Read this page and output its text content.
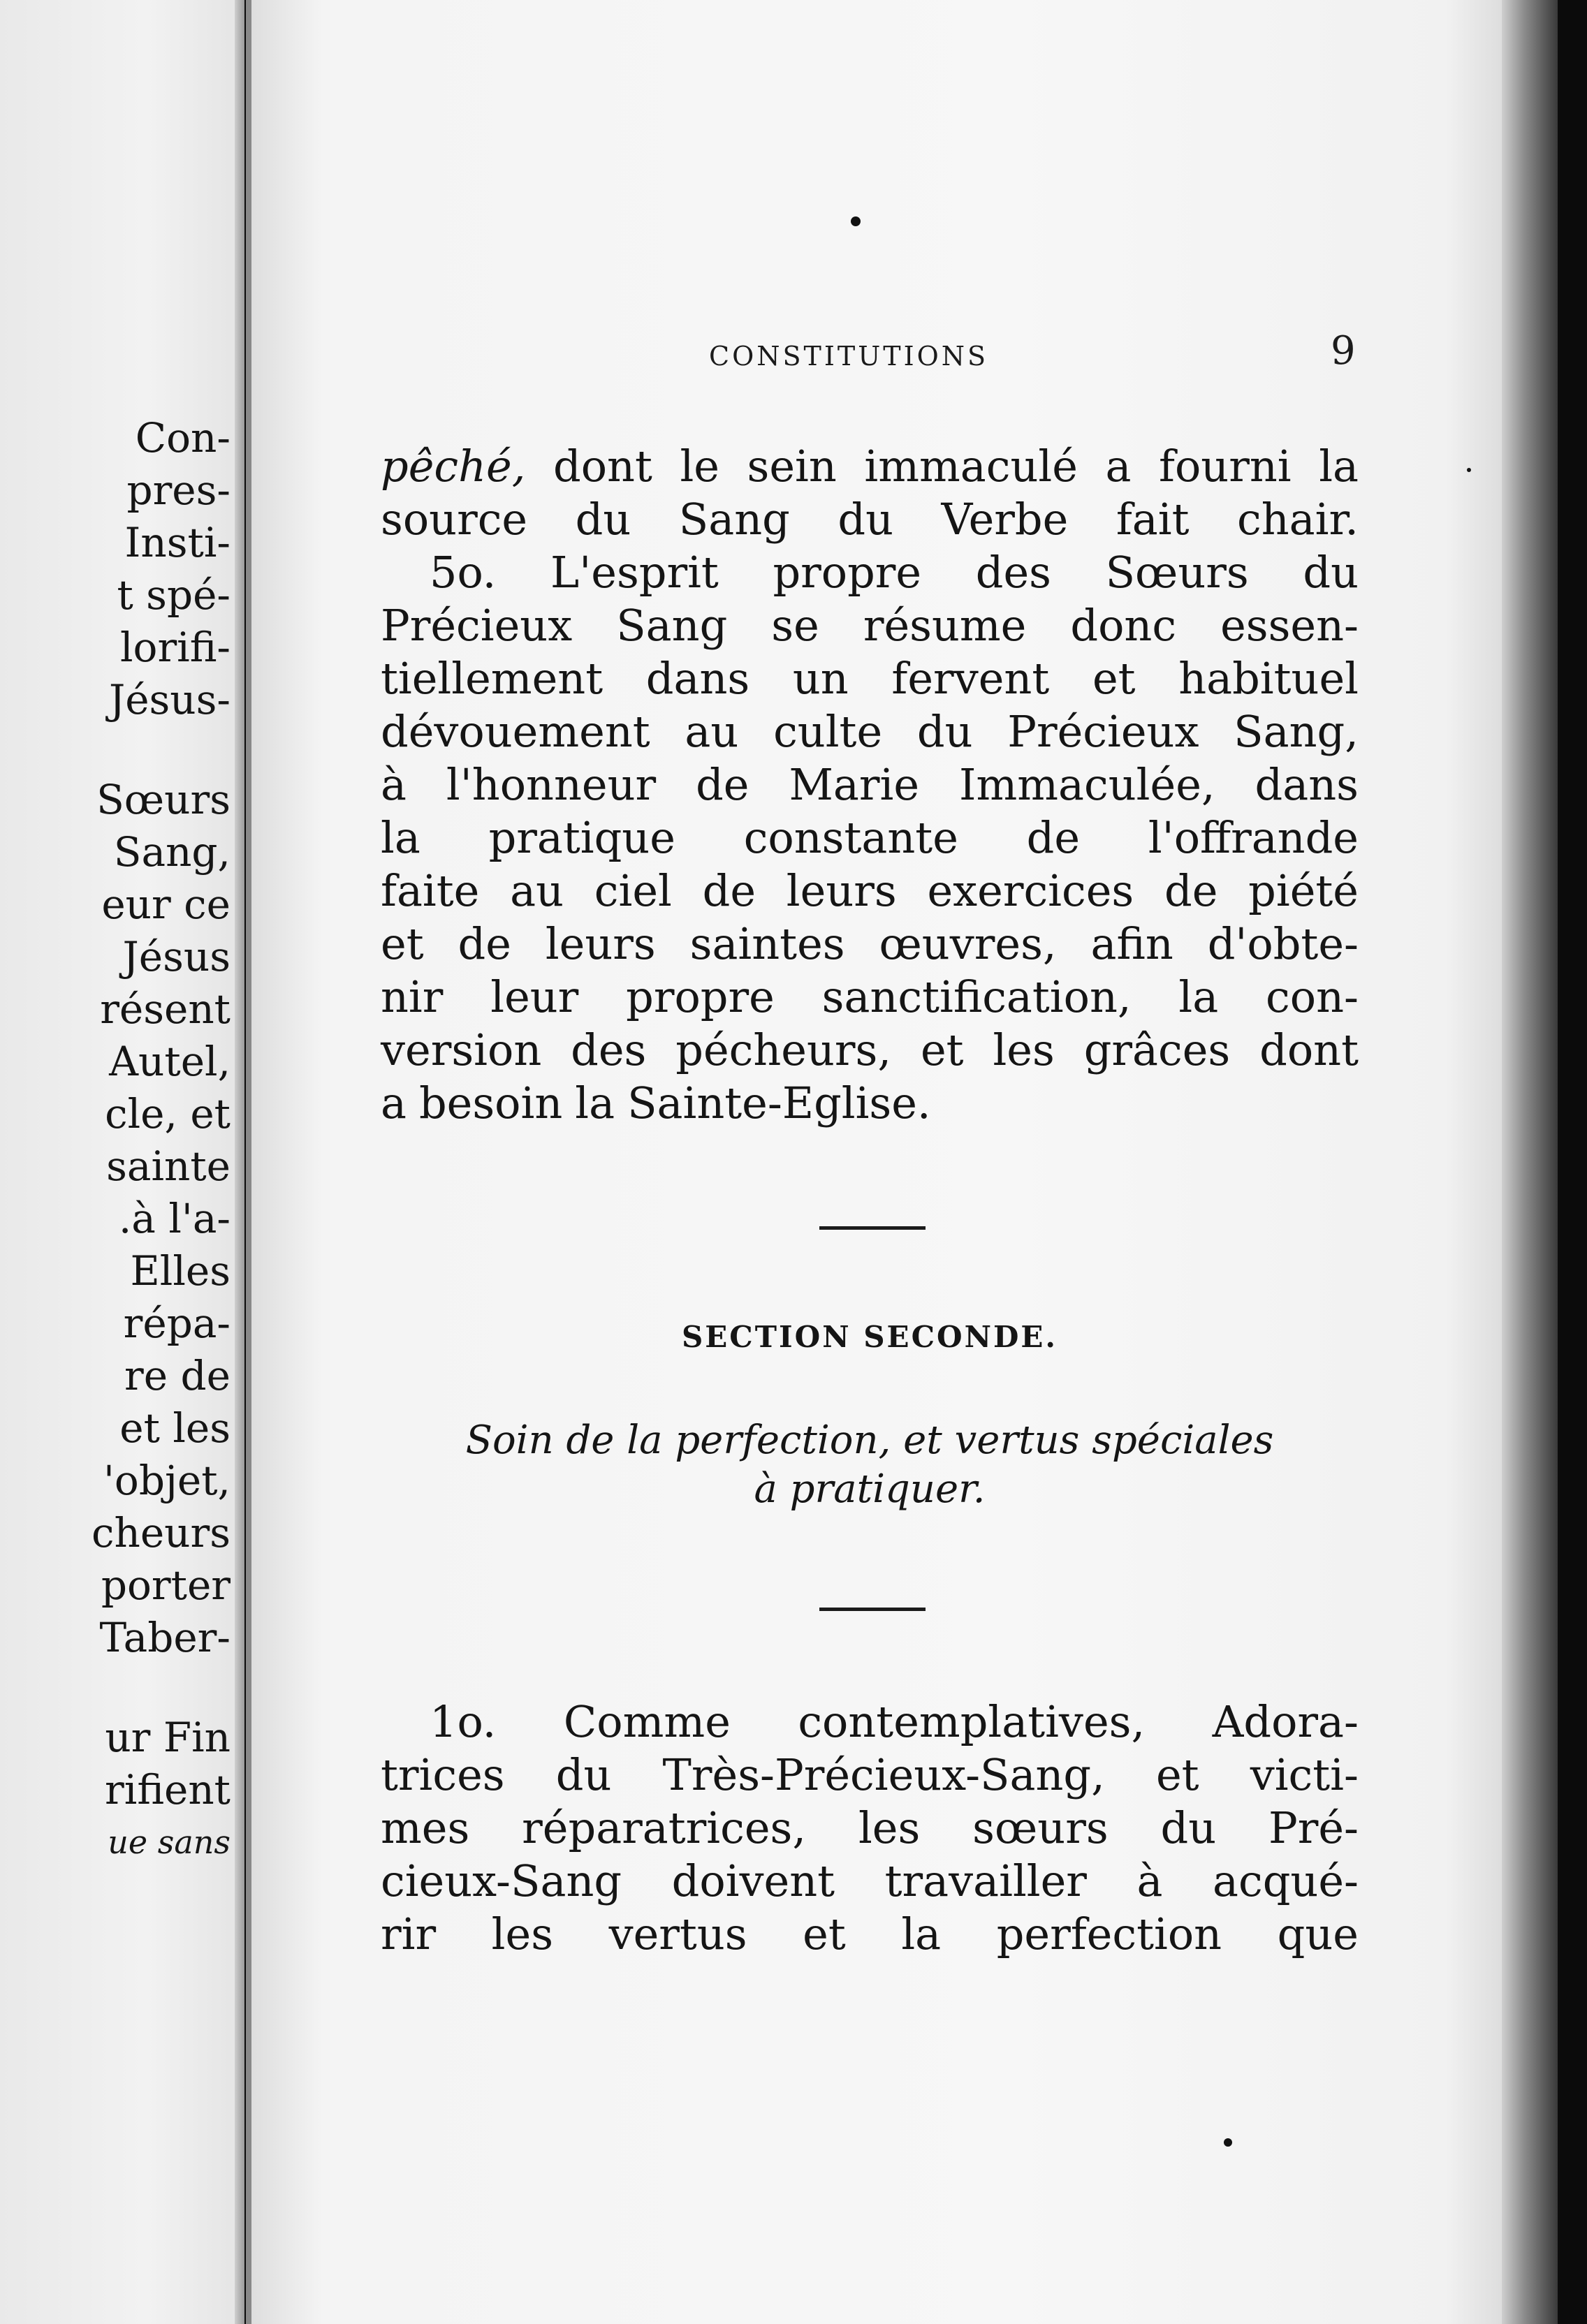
Con-
pres-
Insti-
t spé-
lorifi-
Jésus-
Sœurs
Sang,
eur ce
Jésus
résent
Autel,
cle, et
sainte
.à l'a-
Elles
répa-
re de
et les
'objet,
cheurs
porter
Taber-
ur Fin
rifient
ue sans
CONSTITUTIONS	9
pêché, dont le sein immaculé a fourni la
source du Sang du Verbe fait chair.
5o. L'esprit propre des Sœurs du
Précieux Sang se résume donc essen-
tiellement dans un fervent et habituel
dévouement au culte du Précieux Sang,
à l'honneur de Marie Immaculée, dans
la pratique constante de l'offrande
faite au ciel de leurs exercices de piété
et de leurs saintes œuvres, afin d'obte-
nir leur propre sanctification, la con-
version des pécheurs, et les grâces dont
a besoin la Sainte-Eglise.
SECTION SECONDE.
Soin de la perfection, et vertus spéciales
à pratiquer.
1o. Comme contemplatives, Adora-
trices du Très-Précieux-Sang, et victi-
mes réparatrices, les sœurs du Pré-
cieux-Sang doivent travailler à acqué-
rir les vertus et la perfection que
